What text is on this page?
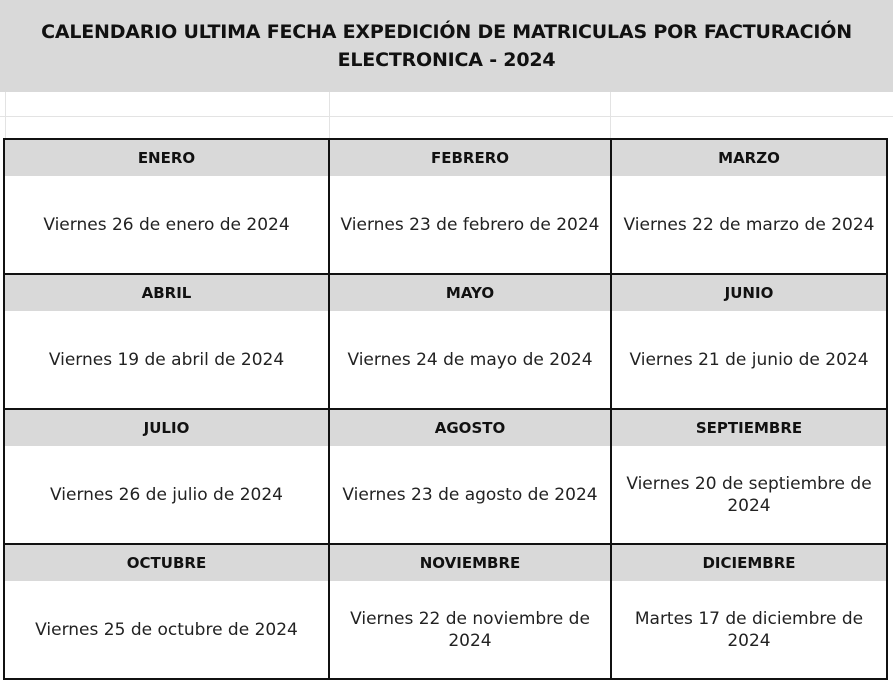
CALENDARIO ULTIMA FECHA EXPEDICIÓN DE MATRICULAS POR FACTURACIÓN
ELECTRONICA - 2024
ENERO
Viernes 26 de enero de 2024
FEBRERO
Viernes 23 de febrero de 2024
MARZO
Viernes 22 de marzo de 2024
ABRIL
Viernes 19 de abril de 2024
MAYO
Viernes 24 de mayo de 2024
JUNIO
Viernes 21 de junio de 2024
JULIO
Viernes 26 de julio de 2024
AGOSTO
Viernes 23 de agosto de 2024
SEPTIEMBRE
Viernes 20 de septiembre de 2024
OCTUBRE
Viernes 25 de octubre de 2024
NOVIEMBRE
Viernes 22 de noviembre de 2024
DICIEMBRE
Martes 17 de diciembre de 2024
